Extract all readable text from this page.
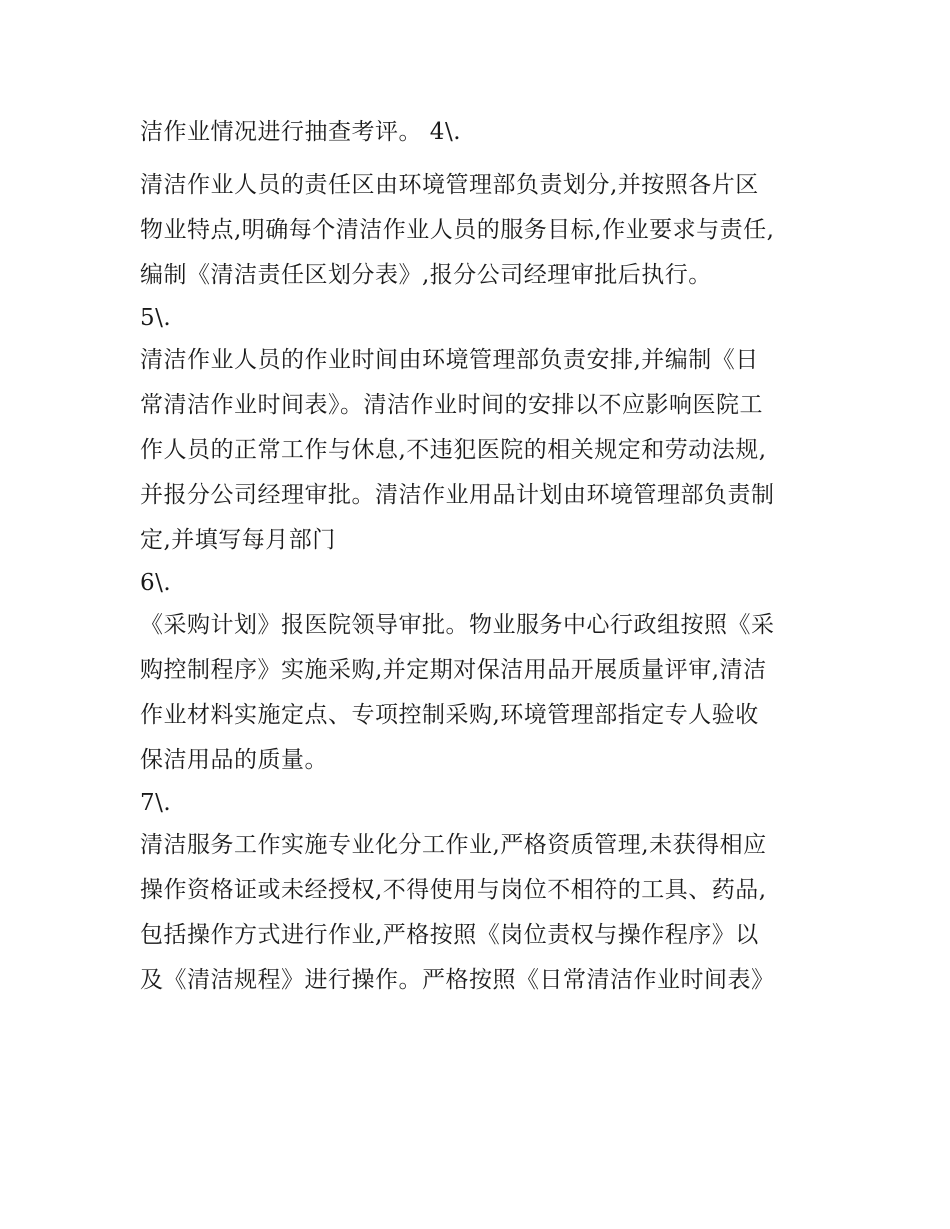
洁作业情况进行抽查考评。 4\.
清洁作业人员的责任区由环境管理部负责划分,并按照各片区
物业特点,明确每个清洁作业人员的服务目标,作业要求与责任,
编制《清洁责任区划分表》,报分公司经理审批后执行。
5\.
清洁作业人员的作业时间由环境管理部负责安排,并编制《日
常清洁作业时间表》。清洁作业时间的安排以不应影响医院工
作人员的正常工作与休息,不违犯医院的相关规定和劳动法规,
并报分公司经理审批。清洁作业用品计划由环境管理部负责制
定,并填写每月部门
6\.
《采购计划》报医院领导审批。物业服务中心行政组按照《采
购控制程序》实施采购,并定期对保洁用品开展质量评审,清洁
作业材料实施定点、专项控制采购,环境管理部指定专人验收
保洁用品的质量。
7\.
清洁服务工作实施专业化分工作业,严格资质管理,未获得相应
操作资格证或未经授权,不得使用与岗位不相符的工具、药品,
包括操作方式进行作业,严格按照《岗位责权与操作程序》以
及《清洁规程》进行操作。严格按照《日常清洁作业时间表》
